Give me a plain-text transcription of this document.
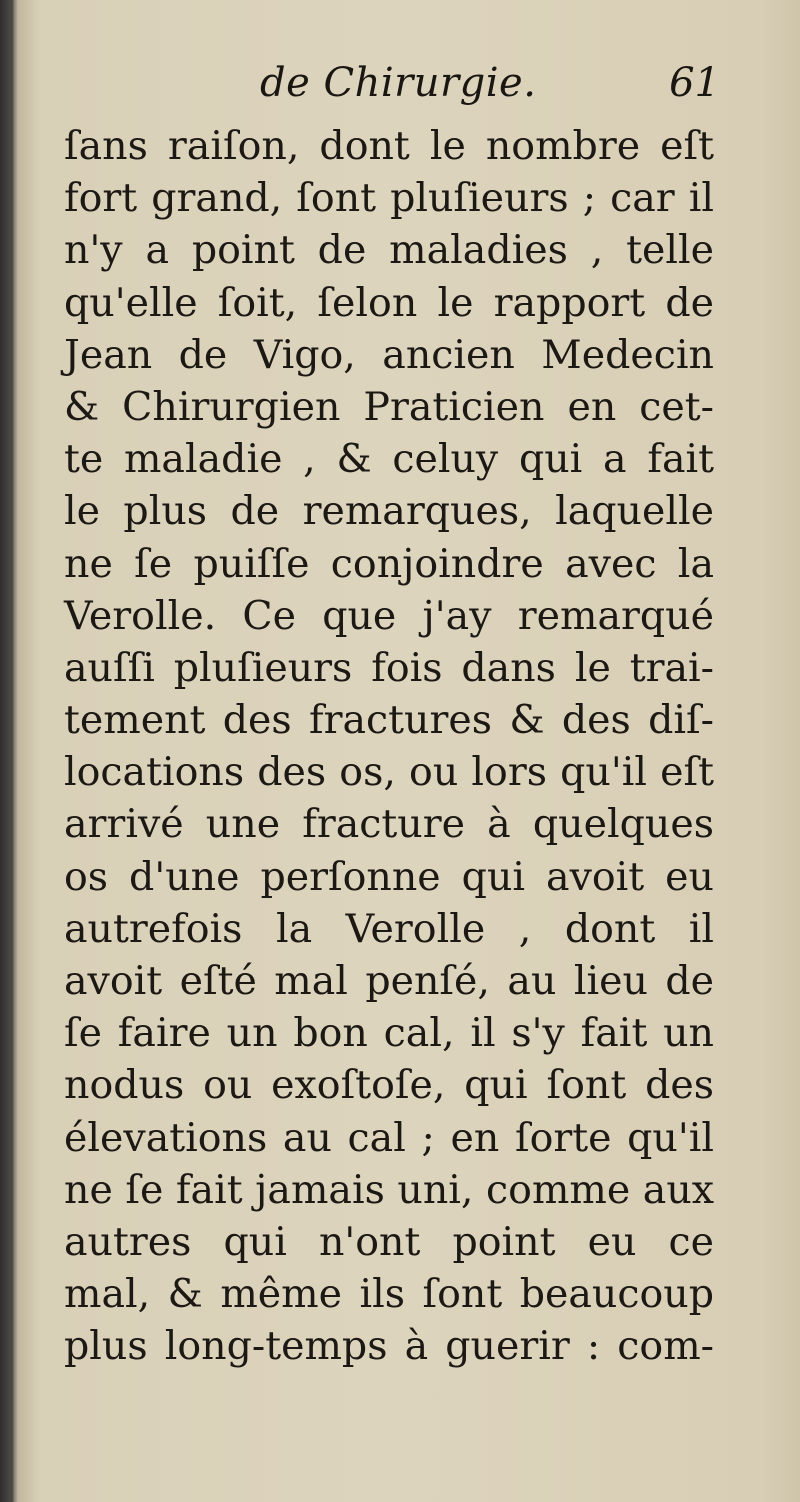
de Chirurgie.	61
ſans raiſon, dont le nombre eſt
fort grand, ſont pluſieurs ; car il
n'y a point de maladies , telle
qu'elle ſoit, ſelon le rapport de
Jean de Vigo, ancien Medecin
& Chirurgien Praticien en cet-
te maladie , & celuy qui a fait
le plus de remarques, laquelle
ne ſe puiſſe conjoindre avec la
Verolle. Ce que j'ay remarqué
auſſi pluſieurs fois dans le trai-
tement des fractures & des diſ-
locations des os, ou lors qu'il eſt
arrivé une fracture à quelques
os d'une perſonne qui avoit eu
autrefois la Verolle , dont il
avoit eſté mal penſé, au lieu de
ſe faire un bon cal, il s'y fait un
nodus ou exoſtoſe, qui ſont des
élevations au cal ; en ſorte qu'il
ne ſe fait jamais uni, comme aux
autres qui n'ont point eu ce
mal, & même ils ſont beaucoup
plus long-temps à guerir : com-
